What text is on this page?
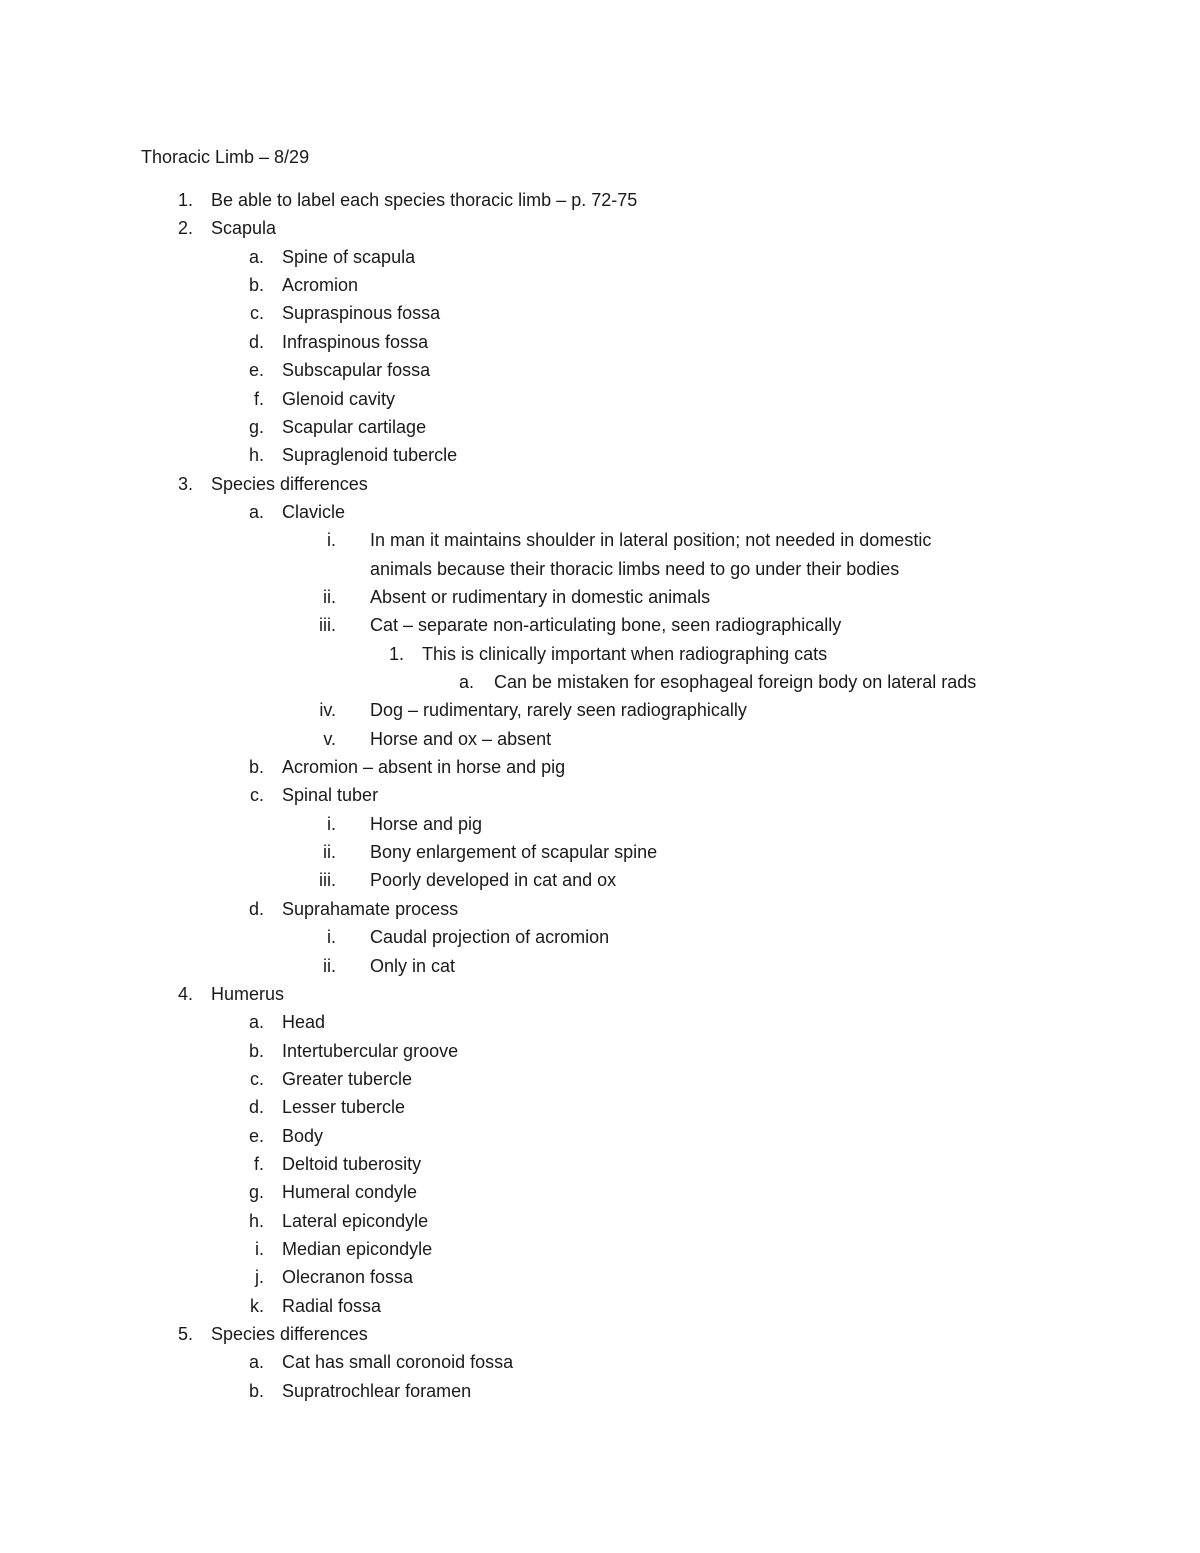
Thoracic Limb – 8/29
1. Be able to label each species thoracic limb – p. 72-75
2. Scapula
a. Spine of scapula
b. Acromion
c. Supraspinous fossa
d. Infraspinous fossa
e. Subscapular fossa
f. Glenoid cavity
g. Scapular cartilage
h. Supraglenoid tubercle
3. Species differences
a. Clavicle
i. In man it maintains shoulder in lateral position; not needed in domestic
animals because their thoracic limbs need to go under their bodies
ii. Absent or rudimentary in domestic animals
iii. Cat – separate non-articulating bone, seen radiographically
1. This is clinically important when radiographing cats
a. Can be mistaken for esophageal foreign body on lateral rads
iv. Dog – rudimentary, rarely seen radiographically
v. Horse and ox – absent
b. Acromion – absent in horse and pig
c. Spinal tuber
i. Horse and pig
ii. Bony enlargement of scapular spine
iii. Poorly developed in cat and ox
d. Suprahamate process
i. Caudal projection of acromion
ii. Only in cat
4. Humerus
a. Head
b. Intertubercular groove
c. Greater tubercle
d. Lesser tubercle
e. Body
f. Deltoid tuberosity
g. Humeral condyle
h. Lateral epicondyle
i. Median epicondyle
j. Olecranon fossa
k. Radial fossa
5. Species differences
a. Cat has small coronoid fossa
b. Supratrochlear foramen
